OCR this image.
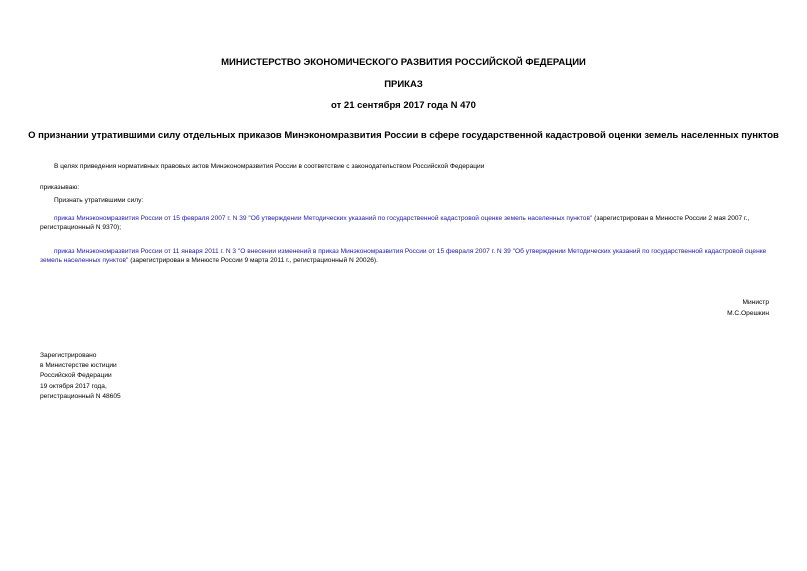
МИНИСТЕРСТВО ЭКОНОМИЧЕСКОГО РАЗВИТИЯ РОССИЙСКОЙ ФЕДЕРАЦИИ
ПРИКАЗ
от 21 сентября 2017 года N 470
О признании утратившими силу отдельных приказов Минэкономразвития России в сфере государственной кадастровой оценки земель населенных пунктов
В целях приведения нормативных правовых актов Минэкономразвития России в соответствие с законодательством Российской Федерации
приказываю:
Признать утратившими силу:
приказ Минэкономразвития России от 15 февраля 2007 г. N 39 "Об утверждении Методических указаний по государственной кадастровой оценке земель населенных пунктов" (зарегистрирован в Минюсте России 2 мая 2007 г., регистрационный N 9370);
приказ Минэкономразвития России от 11 января 2011 г. N 3 "О внесении изменений в приказ Минэкономразвития России от 15 февраля 2007 г. N 39 "Об утверждении Методических указаний по государственной кадастровой оценке земель населенных пунктов" (зарегистрирован в Минюсте России 9 марта 2011 г., регистрационный N 20026).
Министр
М.С.Орешкин
Зарегистрировано
в Министерстве юстиции
Российской Федерации
19 октября 2017 года,
регистрационный N 48605
